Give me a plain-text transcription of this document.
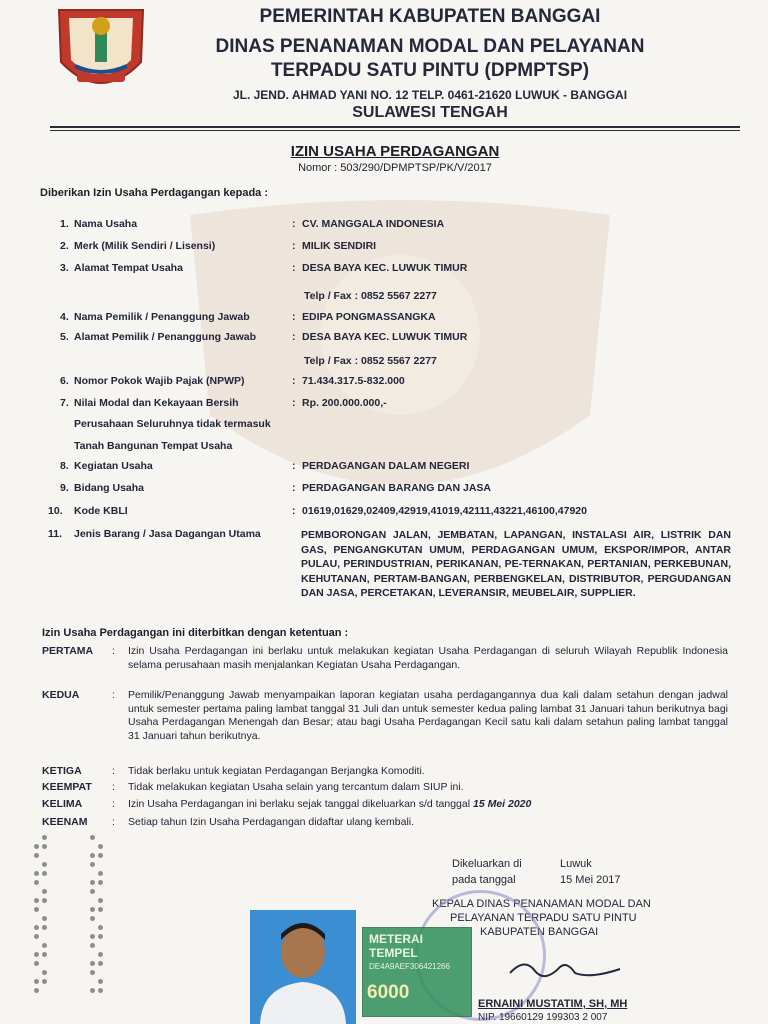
PEMERINTAH KABUPATEN BANGGAI
DINAS PENANAMAN MODAL DAN PELAYANAN
TERPADU SATU PINTU (DPMPTSP)
JL. JEND. AHMAD YANI NO. 12 TELP. 0461-21620 LUWUK - BANGGAI
SULAWESI TENGAH
IZIN USAHA PERDAGANGAN
Nomor : 503/290/DPMPTSP/PK/V/2017
Diberikan Izin Usaha Perdagangan kepada :
1. Nama Usaha	: CV. MANGGALA INDONESIA
2. Merk (Milik Sendiri / Lisensi)	: MILIK SENDIRI
3. Alamat Tempat Usaha	: DESA BAYA KEC. LUWUK TIMUR
Telp / Fax : 0852 5567 2277
4. Nama Pemilik / Penanggung Jawab	: EDIPA PONGMASSANGKA
5. Alamat Pemilik / Penanggung Jawab	: DESA BAYA KEC. LUWUK TIMUR
Telp / Fax : 0852 5567 2277
6. Nomor Pokok Wajib Pajak (NPWP)	: 71.434.317.5-832.000
7. Nilai Modal dan Kekayaan Bersih	: Rp. 200.000.000,-
Perusahaan Seluruhnya tidak termasuk
Tanah Bangunan Tempat Usaha
8. Kegiatan Usaha	: PERDAGANGAN DALAM NEGERI
9. Bidang Usaha	: PERDAGANGAN BARANG DAN JASA
10.	Kode KBLI	: 01619,01629,02409,42919,41019,42111,43221,46100,47920
11.	Jenis Barang / Jasa Dagangan Utama	PEMBORONGAN JALAN, JEMBATAN, LAPANGAN, INSTALASI AIR, LISTRIK DAN GAS, PENGANGKUTAN UMUM, PERDAGANGAN UMUM, EKSPOR/IMPOR, ANTAR PULAU, PERINDUSTRIAN, PERIKANAN, PE-TERNAKAN, PERTANIAN, PERKEBUNAN, KEHUTANAN, PERTAM-BANGAN, PERBENGKELAN, DISTRIBUTOR, PERGUDANGAN DAN JASA, PERCETAKAN, LEVERANSIR, MEUBELAIR, SUPPLIER.
Izin Usaha Perdagangan ini diterbitkan dengan ketentuan :
PERTAMA	: Izin Usaha Perdagangan ini berlaku untuk melakukan kegiatan Usaha Perdagangan di seluruh Wilayah Republik Indonesia selama perusahaan masih menjalankan Kegiatan Usaha Perdagangan.
KEDUA	: Pemilik/Penanggung Jawab menyampaikan laporan kegiatan usaha perdagangannya dua kali dalam setahun dengan jadwal untuk semester pertama paling lambat tanggal 31 Juli dan untuk semester kedua paling lambat 31 Januari tahun berikutnya bagi Usaha Perdagangan Menengah dan Besar; atau bagi Usaha Perdagangan Kecil satu kali dalam setahun paling lambat tanggal 31 Januari tahun berikutnya.
KETIGA	: Tidak berlaku untuk kegiatan Perdagangan Berjangka Komoditi.
KEEMPAT	: Tidak melakukan kegiatan Usaha selain yang tercantum dalam SIUP ini.
KELIMA	: Izin Usaha Perdagangan ini berlaku sejak tanggal dikeluarkan s/d tanggal 15 Mei 2020
KEENAM	: Setiap tahun Izin Usaha Perdagangan didaftar ulang kembali.
Dikeluarkan di	Luwuk
pada tanggal	15 Mei 2017
KEPALA DINAS PENANAMAN MODAL DAN
PELAYANAN TERPADU SATU PINTU
KABUPATEN BANGGAI
METERAI TEMPEL
DE4A9AEF306421266
6000
ERNAINI MUSTATIM, SH, MH
NIP. 19660129 199303 2 007
